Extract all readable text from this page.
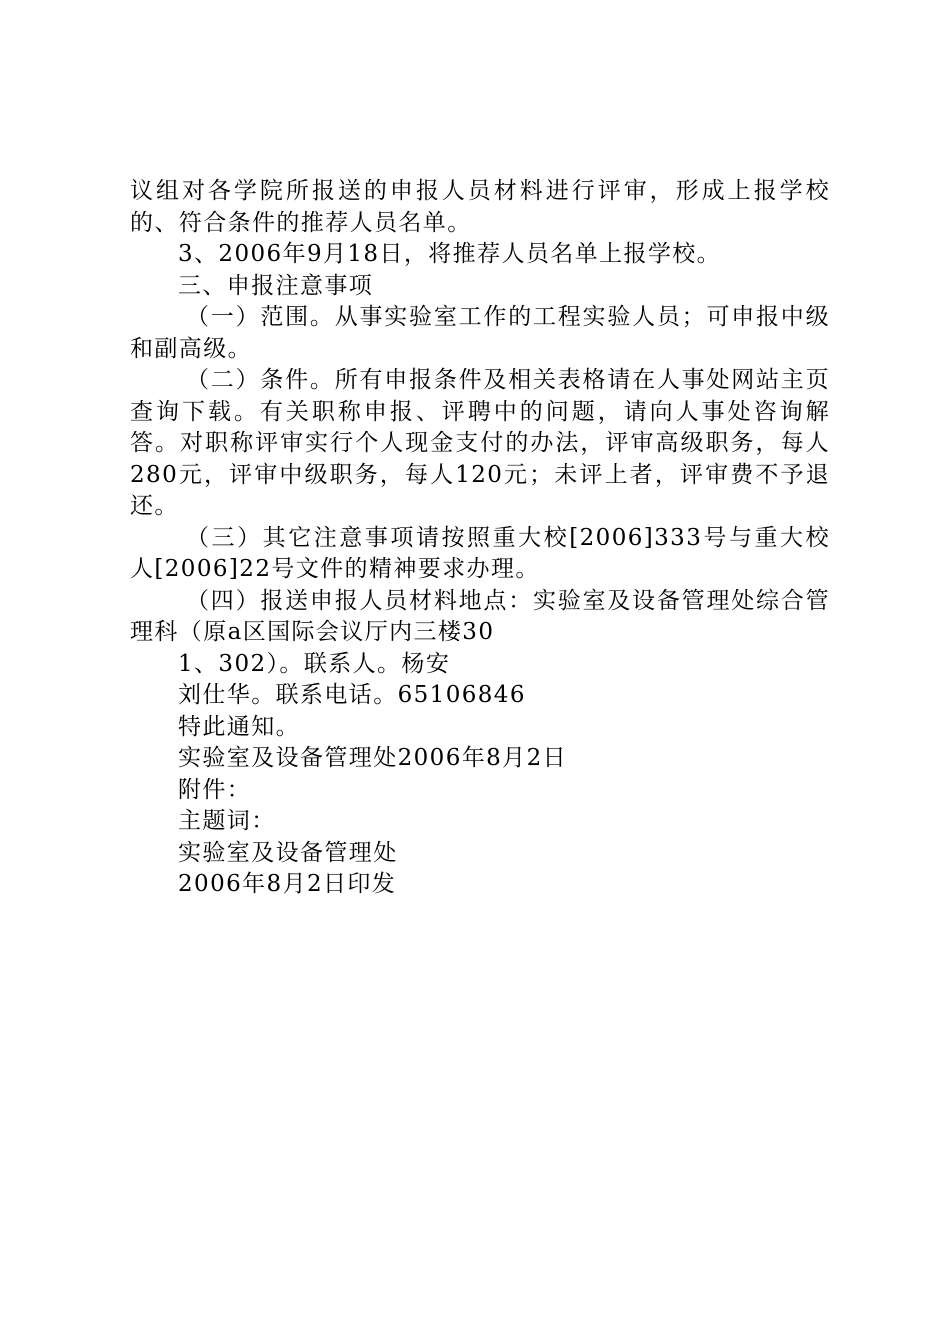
议组对各学院所报送的申报人员材料进行评审，形成上报学校的、符合条件的推荐人员名单。

3、2006年9月18日，将推荐人员名单上报学校。

三、申报注意事项

（一）范围。从事实验室工作的工程实验人员；可申报中级和副高级。

（二）条件。所有申报条件及相关表格请在人事处网站主页查询下载。有关职称申报、评聘中的问题，请向人事处咨询解答。对职称评审实行个人现金支付的办法，评审高级职务，每人280元，评审中级职务，每人120元；未评上者，评审费不予退还。

（三）其它注意事项请按照重大校[2006]333号与重大校人[2006]22号文件的精神要求办理。

（四）报送申报人员材料地点：实验室及设备管理处综合管理科（原a区国际会议厅内三楼30

1、302）。联系人。杨安

刘仕华。联系电话。65106846

特此通知。

实验室及设备管理处2006年8月2日

附件：

主题词：

实验室及设备管理处

2006年8月2日印发
